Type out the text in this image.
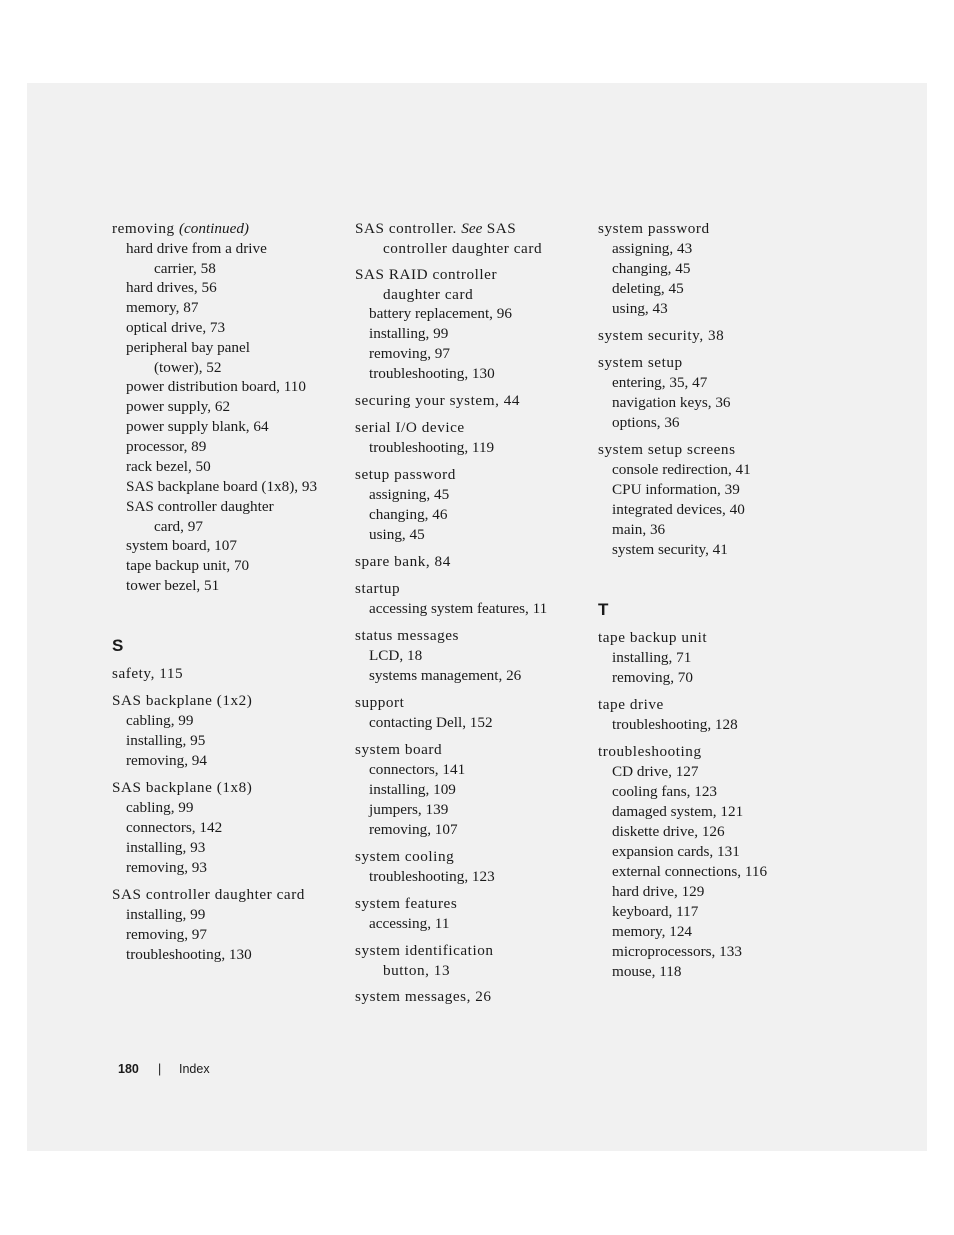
removing (continued)
hard drive from a drive
carrier, 58
hard drives, 56
memory, 87
optical drive, 73
peripheral bay panel
(tower), 52
power distribution board, 110
power supply, 62
power supply blank, 64
processor, 89
rack bezel, 50
SAS backplane board (1x8), 93
SAS controller daughter
card, 97
system board, 107
tape backup unit, 70
tower bezel, 51
S
safety, 115
SAS backplane (1x2)
cabling, 99
installing, 95
removing, 94
SAS backplane (1x8)
cabling, 99
connectors, 142
installing, 93
removing, 93
SAS controller daughter card
installing, 99
removing, 97
troubleshooting, 130
SAS controller. See SAS
controller daughter card
SAS RAID controller
daughter card
battery replacement, 96
installing, 99
removing, 97
troubleshooting, 130
securing your system, 44
serial I/O device
troubleshooting, 119
setup password
assigning, 45
changing, 46
using, 45
spare bank, 84
startup
accessing system features, 11
status messages
LCD, 18
systems management, 26
support
contacting Dell, 152
system board
connectors, 141
installing, 109
jumpers, 139
removing, 107
system cooling
troubleshooting, 123
system features
accessing, 11
system identification
button, 13
system messages, 26
system password
assigning, 43
changing, 45
deleting, 45
using, 43
system security, 38
system setup
entering, 35, 47
navigation keys, 36
options, 36
system setup screens
console redirection, 41
CPU information, 39
integrated devices, 40
main, 36
system security, 41
T
tape backup unit
installing, 71
removing, 70
tape drive
troubleshooting, 128
troubleshooting
CD drive, 127
cooling fans, 123
damaged system, 121
diskette drive, 126
expansion cards, 131
external connections, 116
hard drive, 129
keyboard, 117
memory, 124
microprocessors, 133
mouse, 118
180 | Index
